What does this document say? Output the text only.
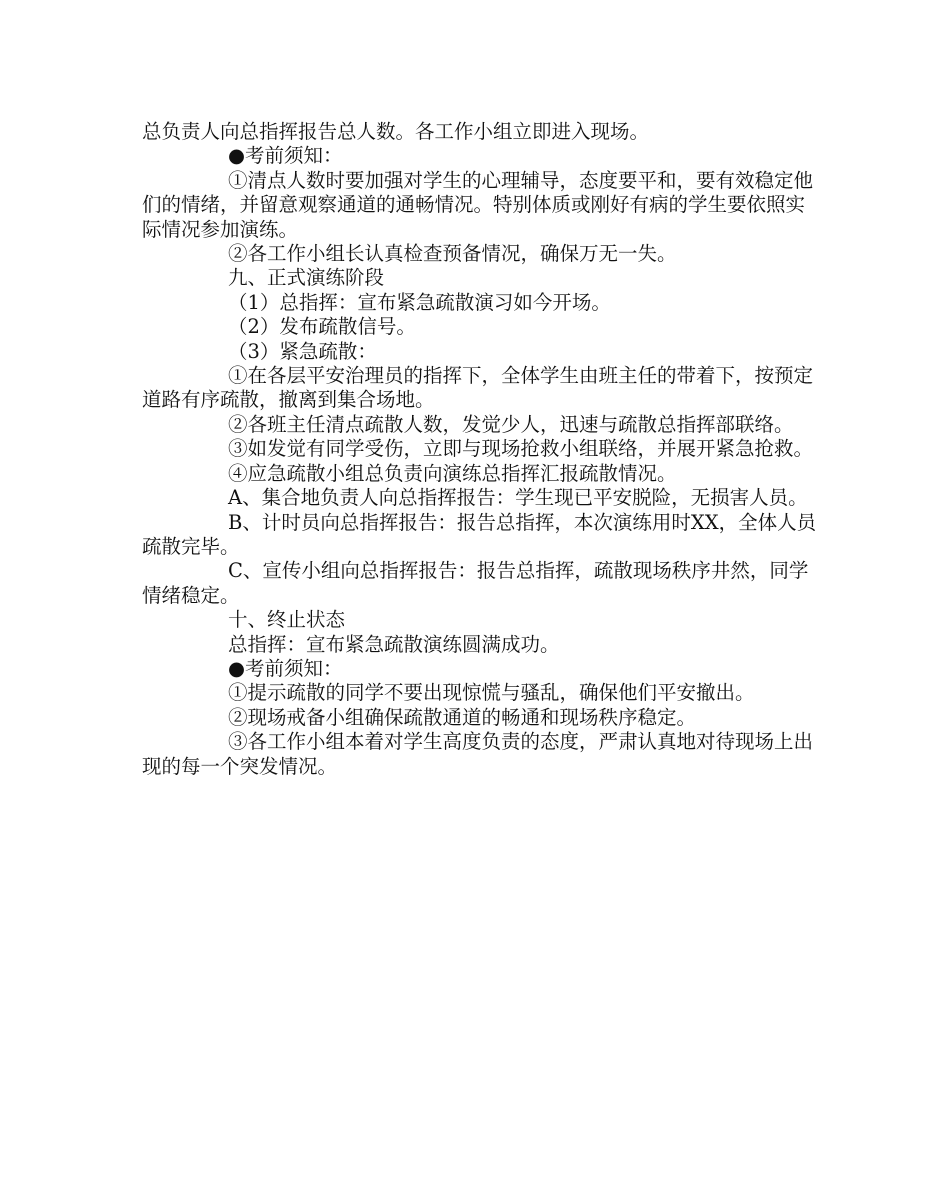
总负责人向总指挥报告总人数。各工作小组立即进入现场。

●考前须知：

①清点人数时要加强对学生的心理辅导，态度要平和，要有效稳定他们的情绪，并留意观察通道的通畅情况。特别体质或刚好有病的学生要依照实际情况参加演练。

②各工作小组长认真检查预备情况，确保万无一失。

九、正式演练阶段

（1）总指挥：宣布紧急疏散演习如今开场。

（2）发布疏散信号。

（3）紧急疏散：

①在各层平安治理员的指挥下，全体学生由班主任的带着下，按预定道路有序疏散，撤离到集合场地。

②各班主任清点疏散人数，发觉少人，迅速与疏散总指挥部联络。

③如发觉有同学受伤，立即与现场抢救小组联络，并展开紧急抢救。

④应急疏散小组总负责向演练总指挥汇报疏散情况。

A、集合地负责人向总指挥报告：学生现已平安脱险，无损害人员。

B、计时员向总指挥报告：报告总指挥，本次演练用时XX，全体人员疏散完毕。

C、宣传小组向总指挥报告：报告总指挥，疏散现场秩序井然，同学情绪稳定。

十、终止状态

总指挥：宣布紧急疏散演练圆满成功。

●考前须知：

①提示疏散的同学不要出现惊慌与骚乱，确保他们平安撤出。

②现场戒备小组确保疏散通道的畅通和现场秩序稳定。

③各工作小组本着对学生高度负责的态度，严肃认真地对待现场上出现的每一个突发情况。
